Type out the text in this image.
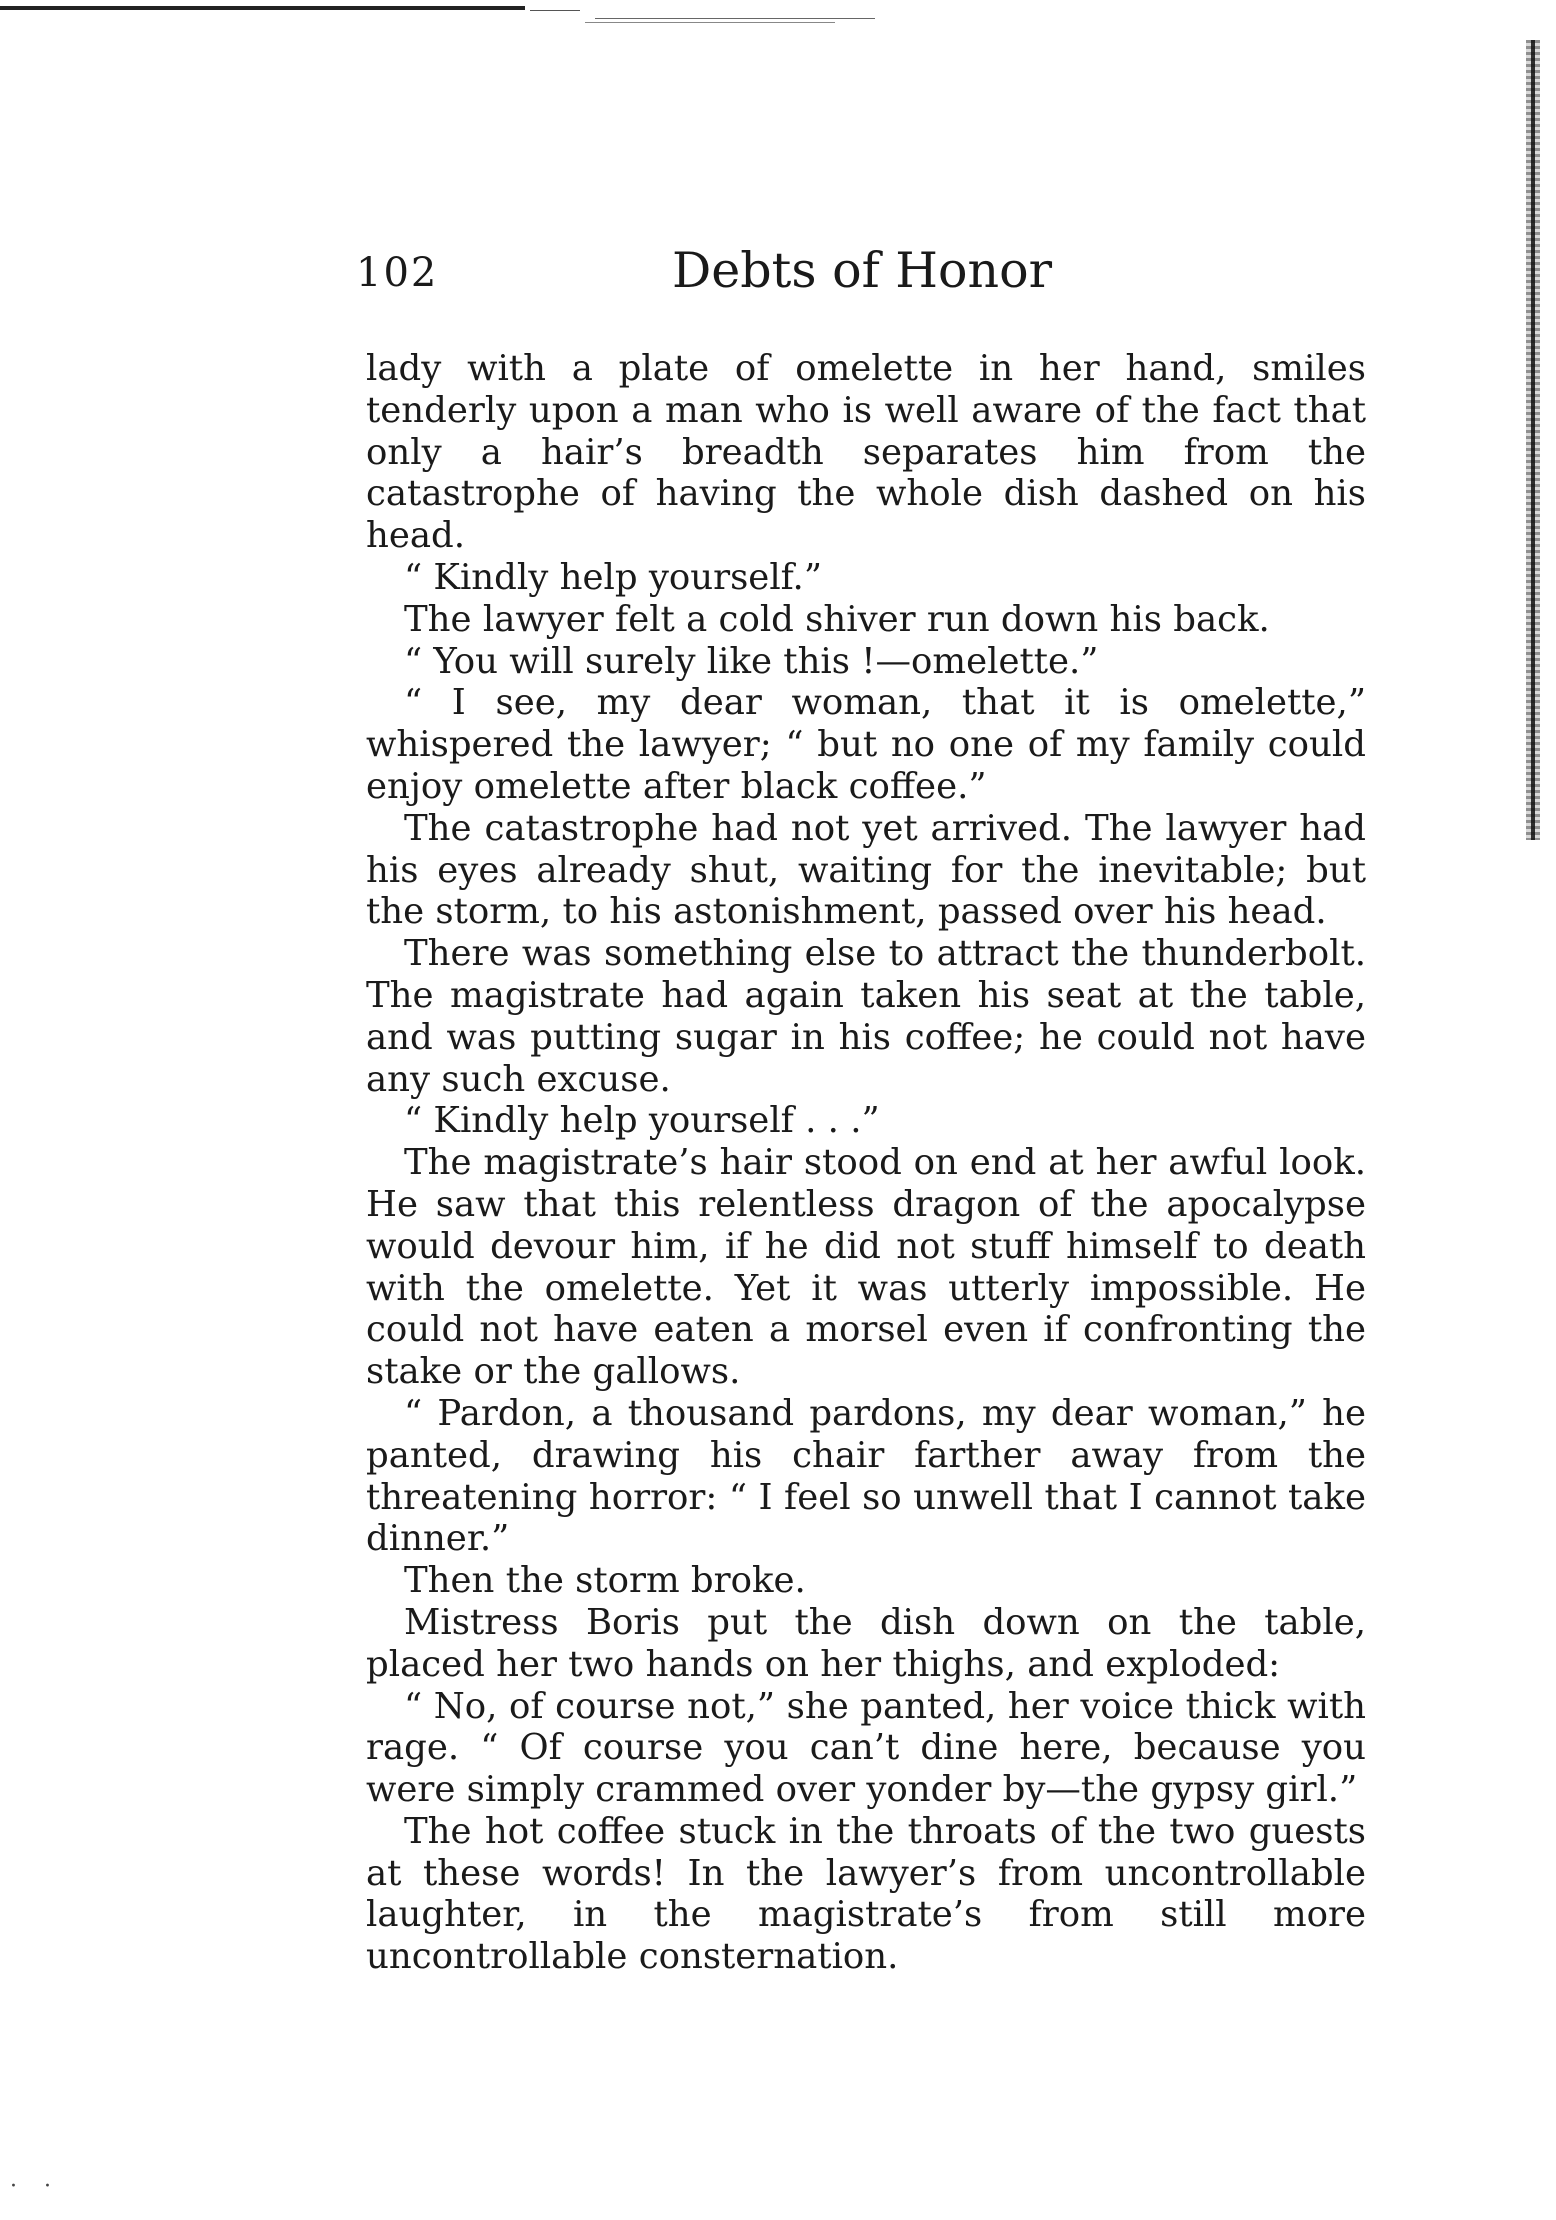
102	Debts of Honor

lady with a plate of omelette in her hand, smiles tenderly upon a man who is well aware of the fact that only a hair’s breadth separates him from the catastrophe of having the whole dish dashed on his head.

“ Kindly help yourself.”

The lawyer felt a cold shiver run down his back.

“ You will surely like this !—omelette.”

“ I see, my dear woman, that it is omelette,” whispered the lawyer; “ but no one of my family could enjoy omelette after black coffee.”

The catastrophe had not yet arrived. The lawyer had his eyes already shut, waiting for the inevitable; but the storm, to his astonishment, passed over his head.

There was something else to attract the thunderbolt. The magistrate had again taken his seat at the table, and was putting sugar in his coffee; he could not have any such excuse.

“ Kindly help yourself . . .”

The magistrate’s hair stood on end at her awful look. He saw that this relentless dragon of the apocalypse would devour him, if he did not stuff himself to death with the omelette. Yet it was utterly impossible. He could not have eaten a morsel even if confronting the stake or the gallows.

“ Pardon, a thousand pardons, my dear woman,” he panted, drawing his chair farther away from the threatening horror: “ I feel so unwell that I cannot take dinner.”

Then the storm broke.

Mistress Boris put the dish down on the table, placed her two hands on her thighs, and exploded:

“ No, of course not,” she panted, her voice thick with rage. “ Of course you can’t dine here, because you were simply crammed over yonder by—the gypsy girl.”

The hot coffee stuck in the throats of the two guests at these words! In the lawyer’s from uncontrollable laughter, in the magistrate’s from still more uncontrollable consternation.

· ·
